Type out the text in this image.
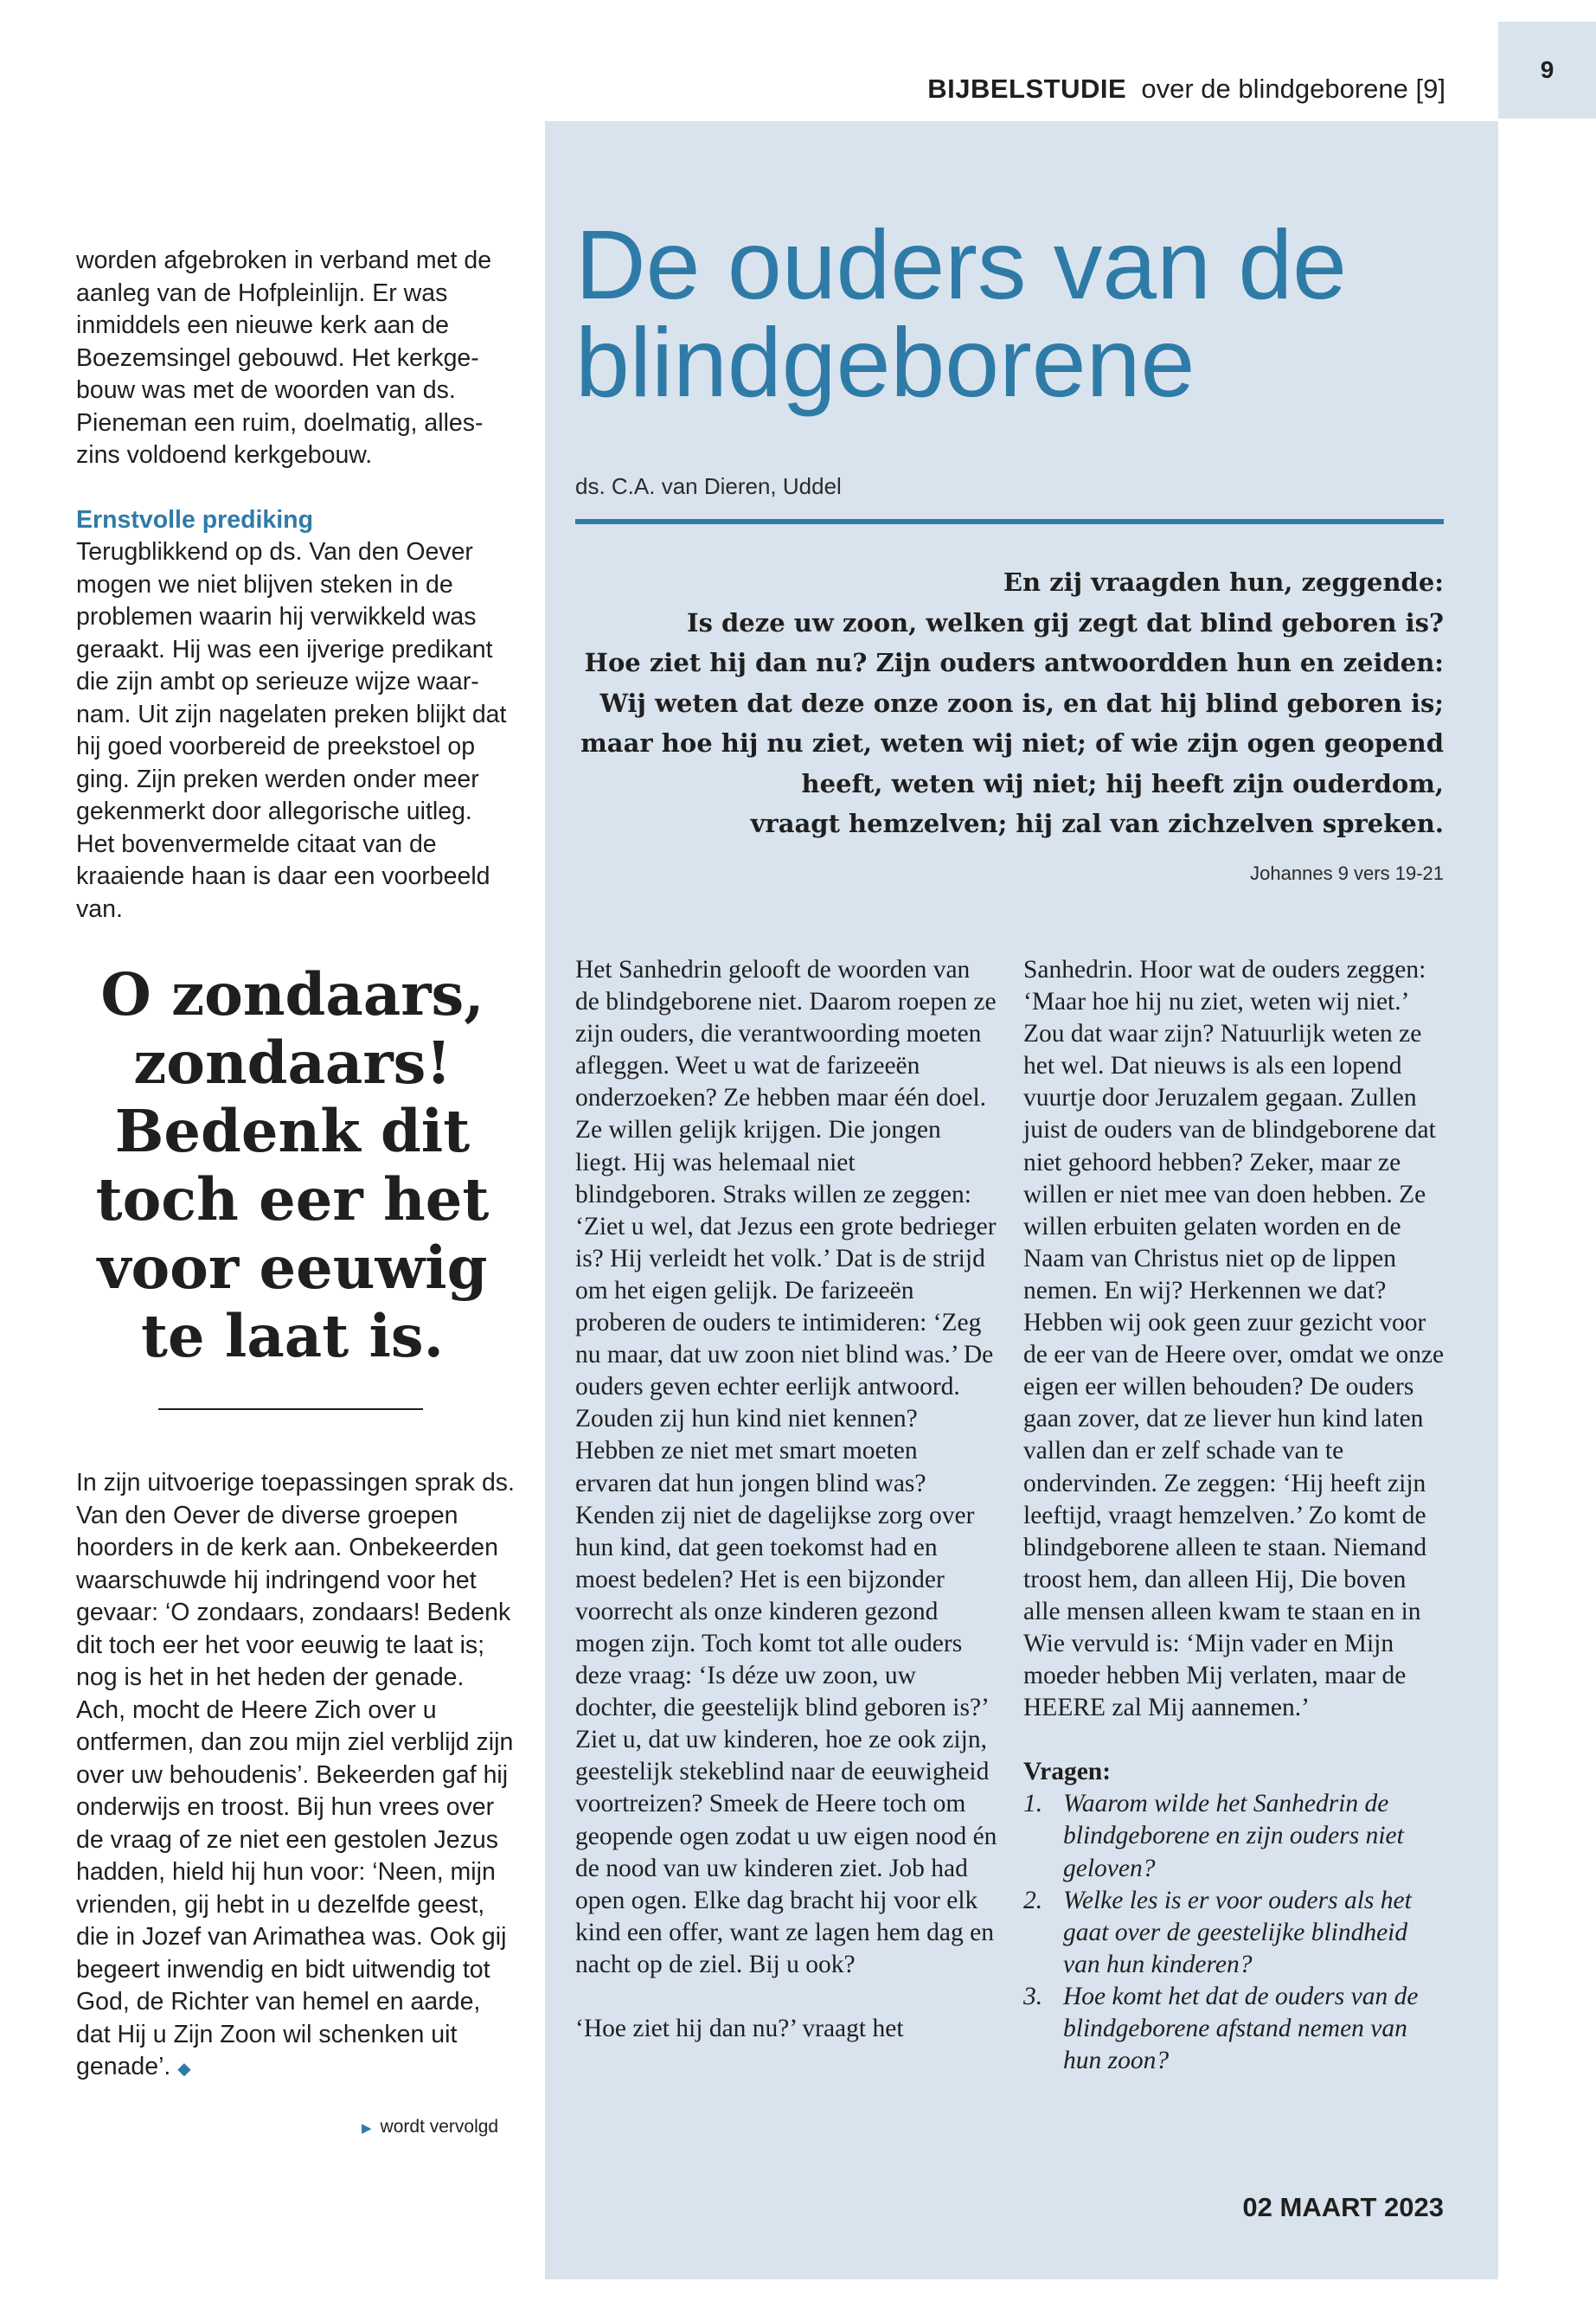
9
BIJBELSTUDIE over de blindgeborene [9]

worden afgebroken in verband met de aanleg van de Hofpleinlijn. Er was inmiddels een nieuwe kerk aan de Boezemsingel gebouwd. Het kerkgebouw was met de woorden van ds. Pieneman een ruim, doelmatig, alleszins voldoend kerkgebouw.

Ernstvolle prediking

Terugblikkend op ds. Van den Oever mogen we niet blijven steken in de problemen waarin hij verwikkeld was geraakt. Hij was een ijverige predikant die zijn ambt op serieuze wijze waarnam. Uit zijn nagelaten preken blijkt dat hij goed voorbereid de preekstoel op ging. Zijn preken werden onder meer gekenmerkt door allegorische uitleg. Het bovenvermelde citaat van de kraaiende haan is daar een voorbeeld van.

O zondaars, zondaars! Bedenk dit toch eer het voor eeuwig te laat is.

In zijn uitvoerige toepassingen sprak ds. Van den Oever de diverse groepen hoorders in de kerk aan. Onbekeerden waarschuwde hij indringend voor het gevaar: ‘O zondaars, zondaars! Bedenk dit toch eer het voor eeuwig te laat is; nog is het in het heden der genade. Ach, mocht de Heere Zich over u ontfermen, dan zou mijn ziel verblijd zijn over uw behoudenis’. Bekeerden gaf hij onderwijs en troost. Bij hun vrees over de vraag of ze niet een gestolen Jezus hadden, hield hij hun voor: ‘Neen, mijn vrienden, gij hebt in u dezelfde geest, die in Jozef van Arimathea was. Ook gij begeert inwendig en bidt uitwendig tot God, de Richter van hemel en aarde, dat Hij u Zijn Zoon wil schenken uit genade’. ◆

▶ wordt vervolgd
De ouders van de blindgeborene
ds. C.A. van Dieren, Uddel
En zij vraagden hun, zeggende:
Is deze uw zoon, welken gij zegt dat blind geboren is?
Hoe ziet hij dan nu? Zijn ouders antwoordden hun en zeiden:
Wij weten dat deze onze zoon is, en dat hij blind geboren is;
maar hoe hij nu ziet, weten wij niet; of wie zijn ogen geopend
heeft, weten wij niet; hij heeft zijn ouderdom,
vraagt hemzelven; hij zal van zichzelven spreken.
Johannes 9 vers 19-21

Het Sanhedrin gelooft de woorden van de blindgeborene niet. Daarom roepen ze zijn ouders, die verantwoording moeten afleggen. Weet u wat de farizeeën onderzoeken? Ze hebben maar één doel. Ze willen gelijk krijgen. Die jongen liegt. Hij was helemaal niet blindgeboren. Straks willen ze zeggen: ‘Ziet u wel, dat Jezus een grote bedrieger is? Hij verleidt het volk.’ Dat is de strijd om het eigen gelijk. De farizeeën proberen de ouders te intimideren: ‘Zeg nu maar, dat uw zoon niet blind was.’ De ouders geven echter eerlijk antwoord. Zouden zij hun kind niet kennen? Hebben ze niet met smart moeten ervaren dat hun jongen blind was? Kenden zij niet de dagelijkse zorg over hun kind, dat geen toekomst had en moest bedelen? Het is een bijzonder voorrecht als onze kinderen gezond mogen zijn. Toch komt tot alle ouders deze vraag: ‘Is déze uw zoon, uw dochter, die geestelijk blind geboren is?’ Ziet u, dat uw kinderen, hoe ze ook zijn, geestelijk stekeblind naar de eeuwigheid voortreizen? Smeek de Heere toch om geopende ogen zodat u uw eigen nood én de nood van uw kinderen ziet. Job had open ogen. Elke dag bracht hij voor elk kind een offer, want ze lagen hem dag en nacht op de ziel. Bij u ook?

‘Hoe ziet hij dan nu?’ vraagt het

Sanhedrin. Hoor wat de ouders zeggen: ‘Maar hoe hij nu ziet, weten wij niet.’ Zou dat waar zijn? Natuurlijk weten ze het wel. Dat nieuws is als een lopend vuurtje door Jeruzalem gegaan. Zullen juist de ouders van de blindgeborene dat niet gehoord hebben? Zeker, maar ze willen er niet mee van doen hebben. Ze willen erbuiten gelaten worden en de Naam van Christus niet op de lippen nemen. En wij? Herkennen we dat? Hebben wij ook geen zuur gezicht voor de eer van de Heere over, omdat we onze eigen eer willen behouden? De ouders gaan zover, dat ze liever hun kind laten vallen dan er zelf schade van te ondervinden. Ze zeggen: ‘Hij heeft zijn leeftijd, vraagt hemzelven.’ Zo komt de blindgeborene alleen te staan. Niemand troost hem, dan alleen Hij, Die boven alle mensen alleen kwam te staan en in Wie vervuld is: ‘Mijn vader en Mijn moeder hebben Mij verlaten, maar de HEERE zal Mij aannemen.’

Vragen:

1. Waarom wilde het Sanhedrin de blindgeborene en zijn ouders niet geloven?
2. Welke les is er voor ouders als het gaat over de geestelijke blindheid van hun kinderen?
3. Hoe komt het dat de ouders van de blindgeborene afstand nemen van hun zoon?
02 MAART 2023
